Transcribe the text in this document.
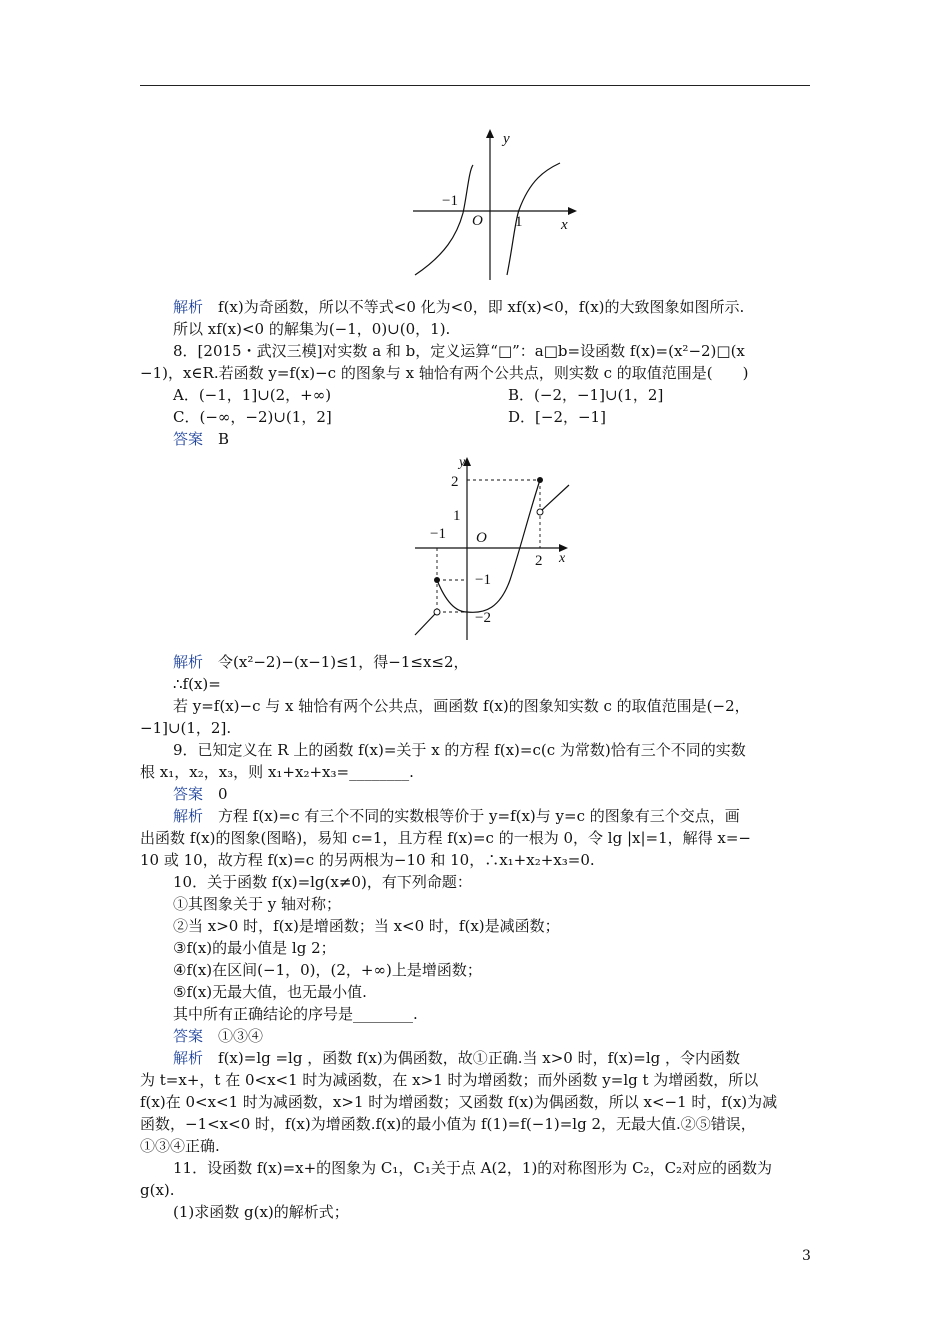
y
x
−1
O 1
解析　 f(x)为奇函数，所以不等式<0 化为<0，即 xf(x)<0，f(x)的大致图象如图所示.
所以 xf(x)<0 的解集为(−1，0)∪(0，1).
8．[2015・武汉三模]对实数 a 和 b，定义运算“□”：a□b=设函数 f(x)=(x²−2)□(x
−1)，x∈R.若函数 y=f(x)−c 的图象与 x 轴恰有两个公共点，则实数 c 的取值范围是(　　)
A．(−1，1]∪(2，+∞)	B．(−2，−1]∪(1，2]
C．(−∞，−2)∪(1，2]	D．[−2，−1]
答案　 B
y
x
O
2
1
−1
2
−1
−2
解析　 令(x²−2)−(x−1)≤1，得−1≤x≤2，
∴f(x)=
若 y=f(x)−c 与 x 轴恰有两个公共点，画函数 f(x)的图象知实数 c 的取值范围是(−2，
−1]∪(1，2].
9．已知定义在 R 上的函数 f(x)=关于 x 的方程 f(x)=c(c 为常数)恰有三个不同的实数
根 x₁，x₂，x₃，则 x₁+x₂+x₃=________.
答案　 0
解析　 方程 f(x)=c 有三个不同的实数根等价于 y=f(x)与 y=c 的图象有三个交点，画
出函数 f(x)的图象(图略)，易知 c=1，且方程 f(x)=c 的一根为 0，令 lg |x|=1，解得 x=−
10 或 10，故方程 f(x)=c 的另两根为−10 和 10，∴x₁+x₂+x₃=0.
10．关于函数 f(x)=lg(x≠0)，有下列命题：
①其图象关于 y 轴对称；
②当 x>0 时，f(x)是增函数；当 x<0 时，f(x)是减函数；
③f(x)的最小值是 lg 2；
④f(x)在区间(−1，0)，(2，+∞)上是增函数；
⑤f(x)无最大值，也无最小值.
其中所有正确结论的序号是________.
答案　 ①③④
解析　 f(x)=lg =lg ，函数 f(x)为偶函数，故①正确.当 x>0 时，f(x)=lg ，令内函数
为 t=x+，t 在 0<x<1 时为减函数，在 x>1 时为增函数；而外函数 y=lg t 为增函数，所以
f(x)在 0<x<1 时为减函数，x>1 时为增函数；又函数 f(x)为偶函数，所以 x<−1 时，f(x)为减
函数，−1<x<0 时，f(x)为增函数.f(x)的最小值为 f(1)=f(−1)=lg 2，无最大值.②⑤错误，
①③④正确.
11．设函数 f(x)=x+的图象为 C₁，C₁关于点 A(2，1)的对称图形为 C₂，C₂对应的函数为
g(x).
(1)求函数 g(x)的解析式；
3
